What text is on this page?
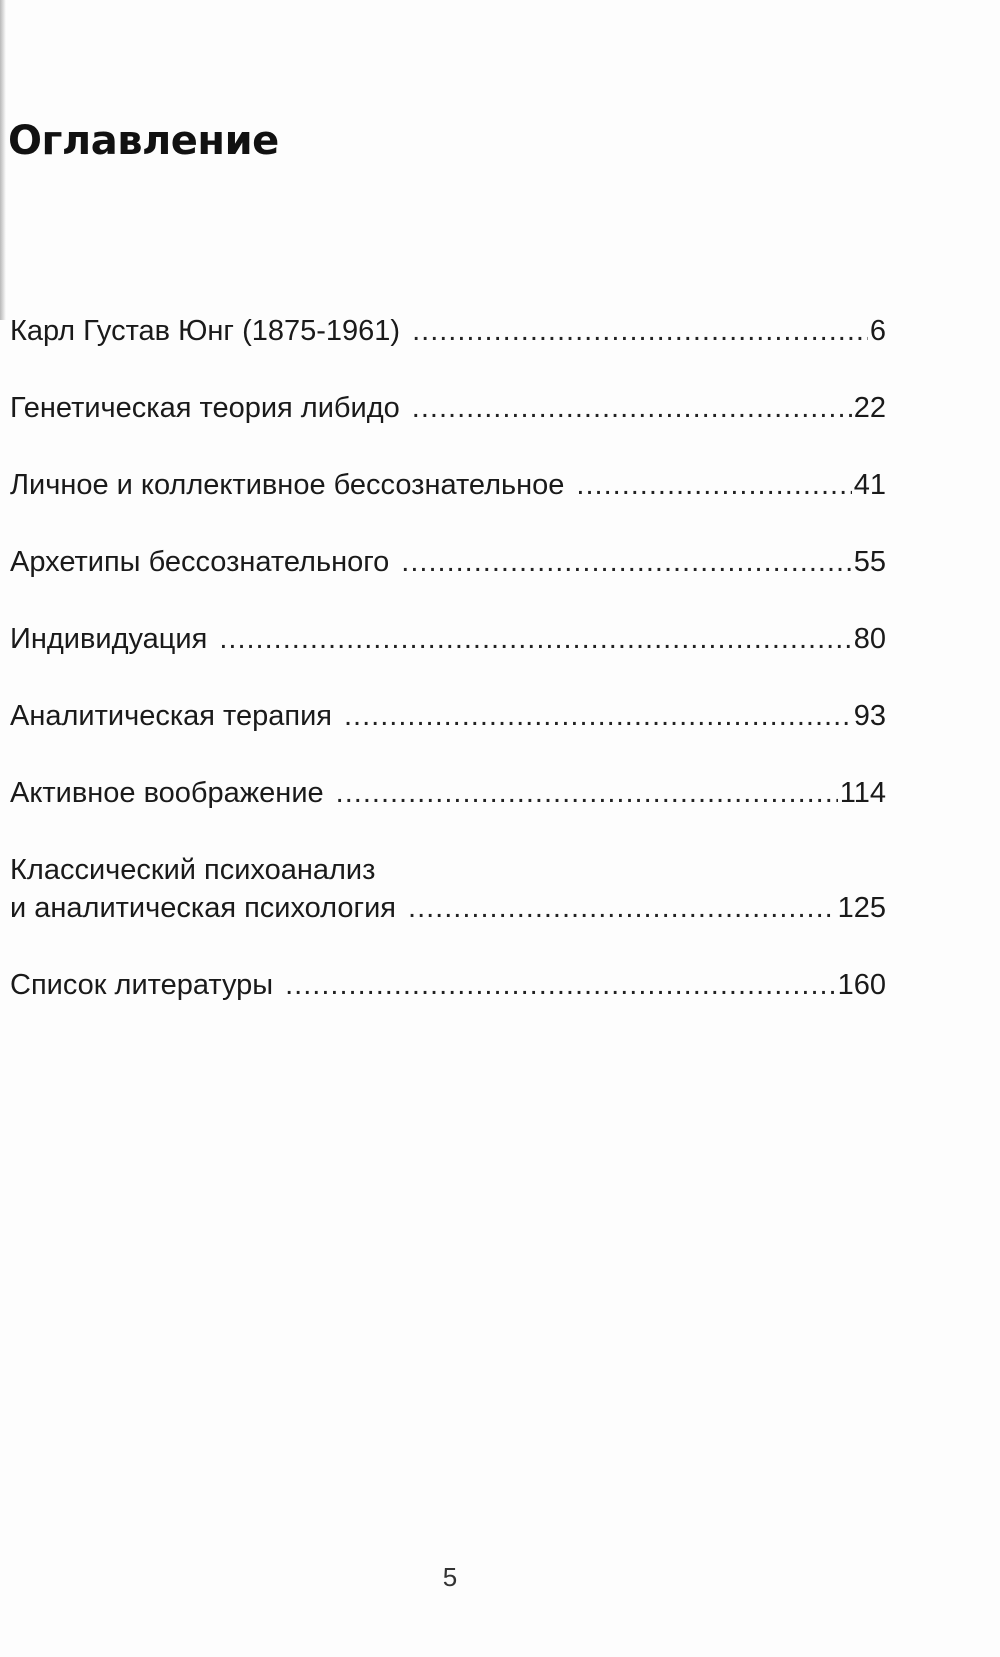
Оглавление
Карл Густав Юнг (1875-1961) .....	6
Генетическая теория либидо .....	22
Личное и коллективное бессознательное .....	41
Архетипы бессознательного .....	55
Индивидуация .....	80
Аналитическая терапия .....	93
Активное воображение .....	114
Классический психоанализ
и аналитическая психология .....	125
Список литературы .....	160
5
